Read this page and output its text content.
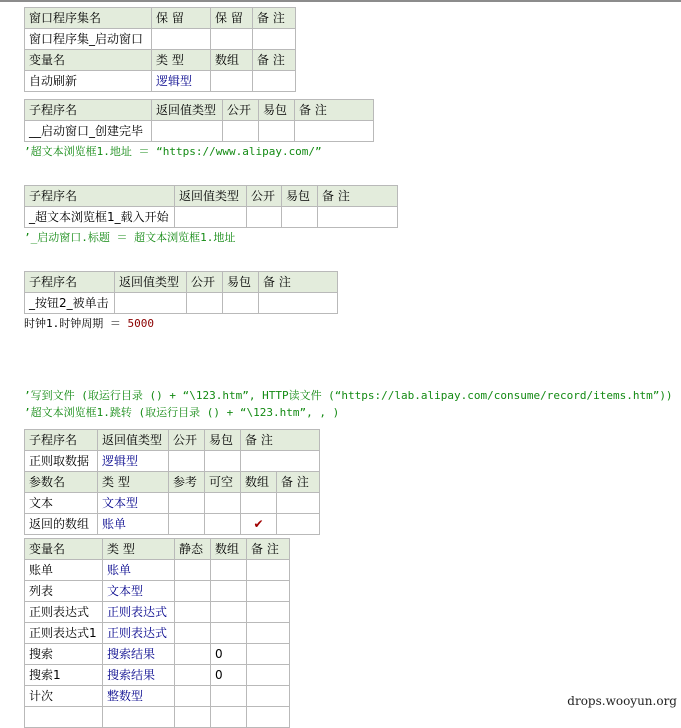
窗口程序集名	保 留	保 留	备 注
窗口程序集_启动窗口			
变量名	类 型	数组	备 注
自动刷新	逻辑型		
子程序名	返回值类型	公开	易包	备 注
__启动窗口_创建完毕				
’超文本浏览框1.地址 ＝ “https://www.alipay.com/”
子程序名	返回值类型	公开	易包	备 注
_超文本浏览框1_载入开始				
’_启动窗口.标题 ＝ 超文本浏览框1.地址
子程序名	返回值类型	公开	易包	备 注
_按钮2_被单击				
时钟1.时钟周期 ＝ 5000
’写到文件 (取运行目录 () + “\123.htm”, HTTP读文件 (“https://lab.alipay.com/consume/record/items.htm”))
’超文本浏览框1.跳转 (取运行目录 () + “\123.htm”, , )
子程序名	返回值类型	公开	易包	备 注	
正则取数据	逻辑型				
参数名	类 型	参考	可空	数组	备 注
文本	文本型				
返回的数组	账单			✔	
变量名	类 型	静态	数组	备 注
账单	账单			
列表	文本型			
正则表达式	正则表达式			
正则表达式1	正则表达式			
搜索	搜索结果		0	
搜索1	搜索结果		0	
计次	整数型			
					drops.wooyun.org
